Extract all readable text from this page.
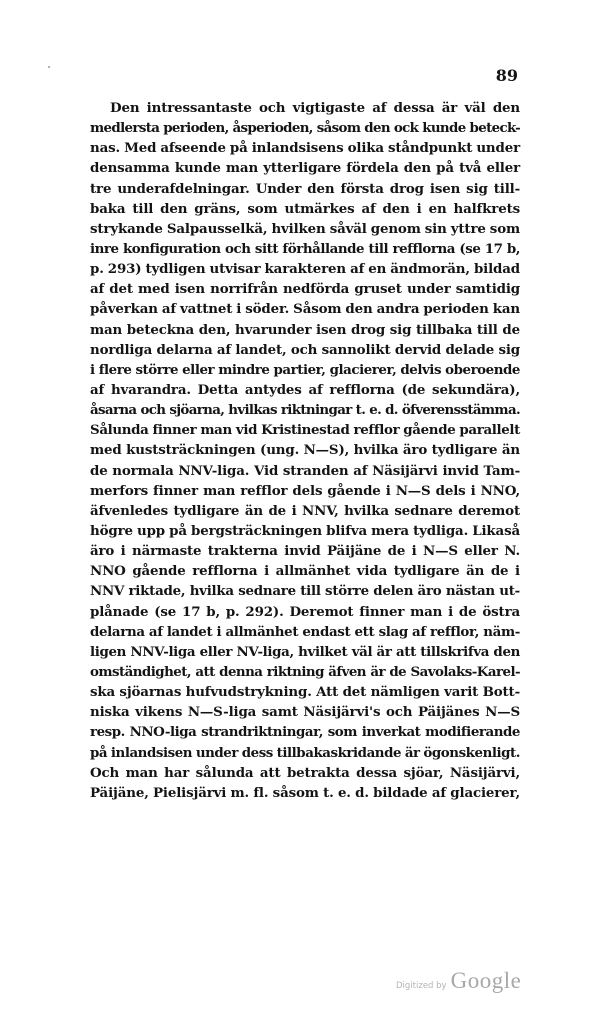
89
Den intressantaste och vigtigaste af dessa är väl den
medlersta perioden, åsperioden, såsom den ock kunde beteck-
nas. Med afseende på inlandsisens olika ståndpunkt under
densamma kunde man ytterligare fördela den på två eller
tre underafdelningar. Under den första drog isen sig till-
baka till den gräns, som utmärkes af den i en halfkrets
strykande Salpausselkä, hvilken såväl genom sin yttre som
inre konfiguration och sitt förhållande till refflorna (se 17 b,
p. 293) tydligen utvisar karakteren af en ändmorän, bildad
af det med isen norrifrån nedförda gruset under samtidig
påverkan af vattnet i söder. Såsom den andra perioden kan
man beteckna den, hvarunder isen drog sig tillbaka till de
nordliga delarna af landet, och sannolikt dervid delade sig
i flere större eller mindre partier, glacierer, delvis oberoende
af hvarandra. Detta antydes af refflorna (de sekundära),
åsarna och sjöarna, hvilkas riktningar t. e. d. öfverensstämma.
Sålunda finner man vid Kristinestad refflor gående parallelt
med kuststräckningen (ung. N—S), hvilka äro tydligare än
de normala NNV-liga. Vid stranden af Näsijärvi invid Tam-
merfors finner man refflor dels gående i N—S dels i NNO,
äfvenledes tydligare än de i NNV, hvilka sednare deremot
högre upp på bergsträckningen blifva mera tydliga. Likaså
äro i närmaste trakterna invid Päijäne de i N—S eller N.
NNO gående refflorna i allmänhet vida tydligare än de i
NNV riktade, hvilka sednare till större delen äro nästan ut-
plånade (se 17 b, p. 292). Deremot finner man i de östra
delarna af landet i allmänhet endast ett slag af refflor, näm-
ligen NNV-liga eller NV-liga, hvilket väl är att tillskrifva den
omständighet, att denna riktning äfven är de Savolaks-Karel-
ska sjöarnas hufvudstrykning. Att det nämligen varit Bott-
niska vikens N—S-liga samt Näsijärvi's och Päijänes N—S
resp. NNO-liga strandriktningar, som inverkat modifierande
på inlandsisen under dess tillbakaskridande är ögonskenligt.
Och man har sålunda att betrakta dessa sjöar, Näsijärvi,
Päijäne, Pielisjärvi m. fl. såsom t. e. d. bildade af glacierer,
Digitized by Google
